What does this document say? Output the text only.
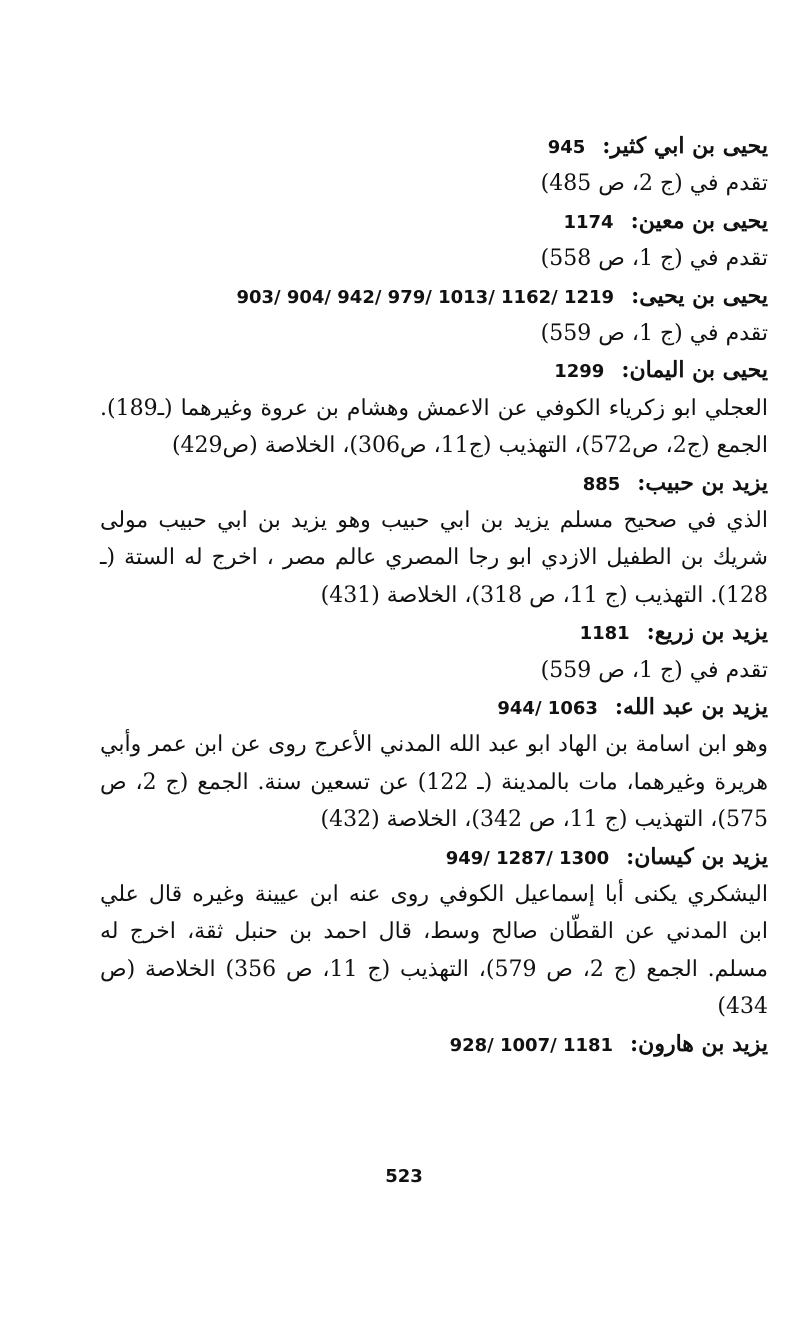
يحيى بن ابي كثير: 945
تقدم في (ج 2، ص 485)
يحيى بن معين: 1174
تقدم في (ج 1، ص 558)
يحيى بن يحيى: 903/ 904/ 942/ 979/ 1013/ 1162/ 1219
تقدم في (ج 1، ص 559)
يحيى بن اليمان: 1299
العجلي ابو زكرياء الكوفي عن الاعمش وهشام بن عروة وغيرهما (ـ189). الجمع (ج2، ص572)، التهذيب (ج11، ص306)، الخلاصة (ص429)
يزيد بن حبيب: 885
الذي في صحيح مسلم يزيد بن ابي حبيب وهو يزيد بن ابي حبيب مولى شريك بن الطفيل الازدي ابو رجا المصري عالم مصر ، اخرج له الستة (ـ 128). التهذيب (ج 11، ص 318)، الخلاصة (431)
يزيد بن زريع: 1181
تقدم في (ج 1، ص 559)
يزيد بن عبد الله: 944/ 1063
وهو ابن اسامة بن الهاد ابو عبد الله المدني الأعرج روى عن ابن عمر وأبي هريرة وغيرهما، مات بالمدينة (ـ 122) عن تسعين سنة. الجمع (ج 2، ص 575)، التهذيب (ج 11، ص 342)، الخلاصة (432)
يزيد بن كيسان: 949/ 1287/ 1300
اليشكري يكنى أبا إسماعيل الكوفي روى عنه ابن عيينة وغيره قال علي ابن المدني عن القطّان صالح وسط، قال احمد بن حنبل ثقة، اخرج له مسلم. الجمع (ج 2، ص 579)، التهذيب (ج 11، ص 356) الخلاصة (ص 434)
يزيد بن هارون: 928/ 1007/ 1181
523
